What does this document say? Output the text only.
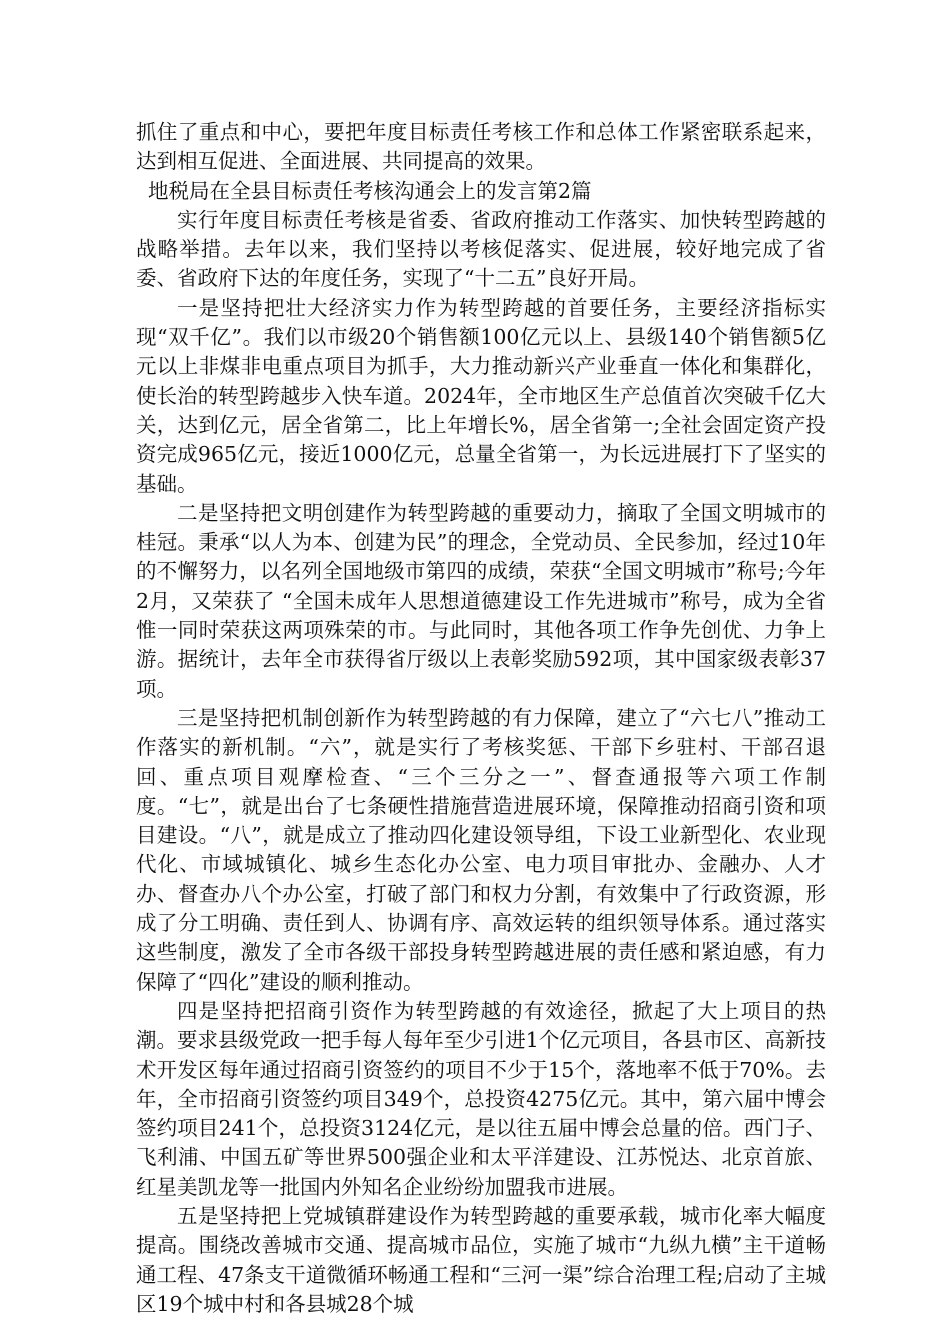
抓住了重点和中心，要把年度目标责任考核工作和总体工作紧密联系起来，达到相互促进、全面进展、共同提高的效果。

地税局在全县目标责任考核沟通会上的发言第2篇

实行年度目标责任考核是省委、省政府推动工作落实、加快转型跨越的战略举措。去年以来，我们坚持以考核促落实、促进展，较好地完成了省委、省政府下达的年度任务，实现了“十二五”良好开局。

一是坚持把壮大经济实力作为转型跨越的首要任务，主要经济指标实现“双千亿”。我们以市级20个销售额100亿元以上、县级140个销售额5亿元以上非煤非电重点项目为抓手，大力推动新兴产业垂直一体化和集群化，使长治的转型跨越步入快车道。2024年，全市地区生产总值首次突破千亿大关，达到亿元，居全省第二，比上年增长%，居全省第一;全社会固定资产投资完成965亿元，接近1000亿元，总量全省第一，为长远进展打下了坚实的基础。

二是坚持把文明创建作为转型跨越的重要动力，摘取了全国文明城市的桂冠。秉承“以人为本、创建为民”的理念，全党动员、全民参加，经过10年的不懈努力，以名列全国地级市第四的成绩，荣获“全国文明城市”称号;今年2月，又荣获了 “全国未成年人思想道德建设工作先进城市”称号，成为全省惟一同时荣获这两项殊荣的市。与此同时，其他各项工作争先创优、力争上游。据统计，去年全市获得省厅级以上表彰奖励592项，其中国家级表彰37项。

三是坚持把机制创新作为转型跨越的有力保障，建立了“六七八”推动工作落实的新机制。“六”，就是实行了考核奖惩、干部下乡驻村、干部召退回、重点项目观摩检查、“三个三分之一”、督查通报等六项工作制度。“七”，就是出台了七条硬性措施营造进展环境，保障推动招商引资和项目建设。“八”，就是成立了推动四化建设领导组，下设工业新型化、农业现代化、市域城镇化、城乡生态化办公室、电力项目审批办、金融办、人才办、督查办八个办公室，打破了部门和权力分割，有效集中了行政资源，形成了分工明确、责任到人、协调有序、高效运转的组织领导体系。通过落实这些制度，激发了全市各级干部投身转型跨越进展的责任感和紧迫感，有力保障了“四化”建设的顺利推动。

四是坚持把招商引资作为转型跨越的有效途径，掀起了大上项目的热潮。要求县级党政一把手每人每年至少引进1个亿元项目，各县市区、高新技术开发区每年通过招商引资签约的项目不少于15个，落地率不低于70%。去年，全市招商引资签约项目349个，总投资4275亿元。其中，第六届中博会签约项目241个，总投资3124亿元，是以往五届中博会总量的倍。西门子、飞利浦、中国五矿等世界500强企业和太平洋建设、江苏悦达、北京首旅、红星美凯龙等一批国内外知名企业纷纷加盟我市进展。

五是坚持把上党城镇群建设作为转型跨越的重要承载，城市化率大幅度提高。围绕改善城市交通、提高城市品位，实施了城市“九纵九横”主干道畅通工程、47条支干道微循环畅通工程和“三河一渠”综合治理工程;启动了主城区19个城中村和各县城28个城
